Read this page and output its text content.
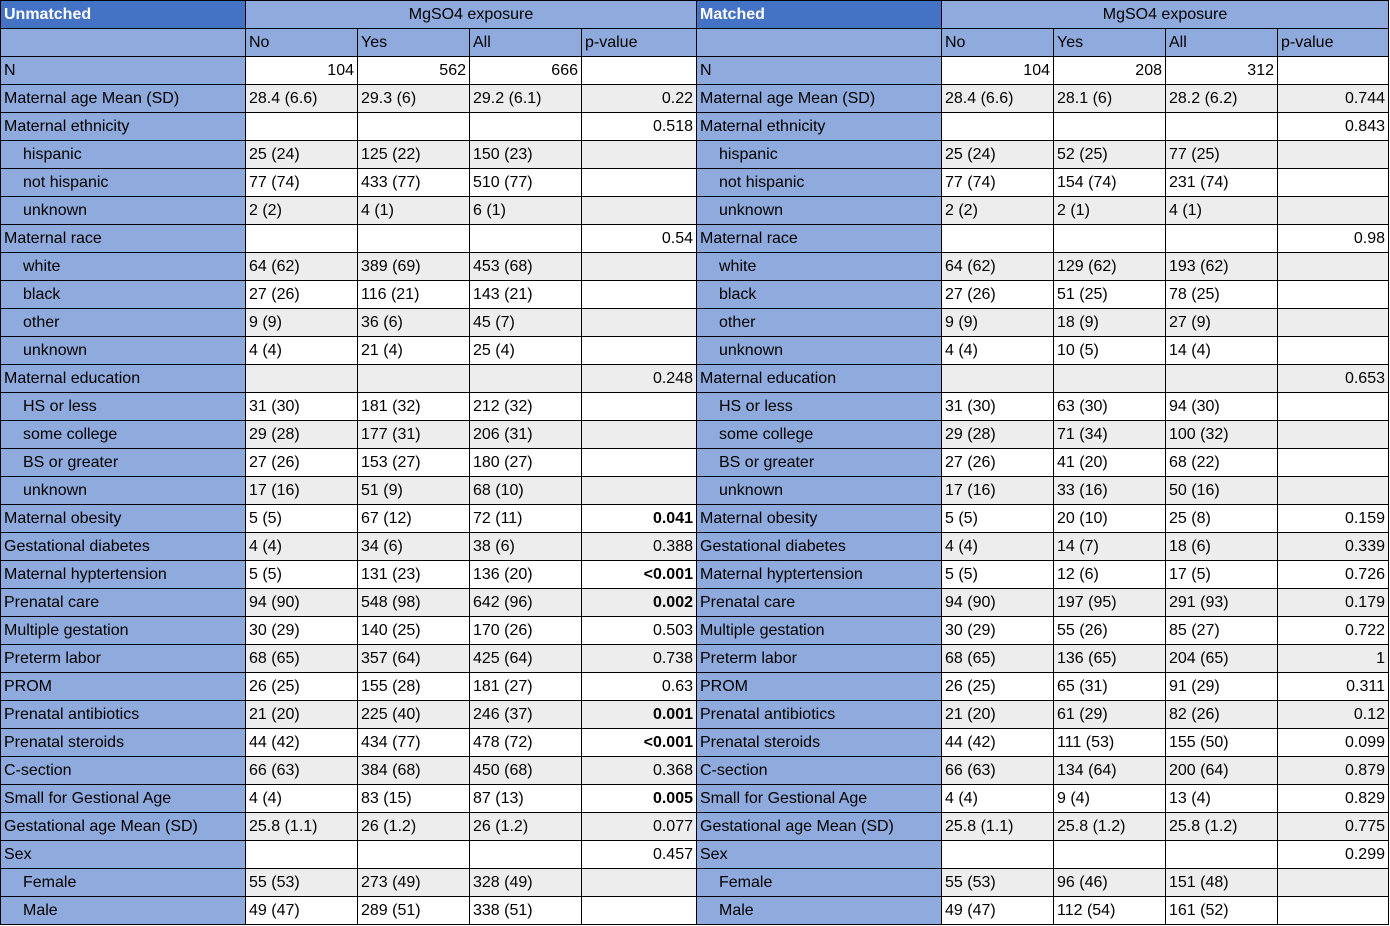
Unmatched	MgSO4 exposure			
	No	Yes	All	p-value
N	104	562	666	
Maternal age Mean (SD)	28.4 (6.6)	29.3 (6)	29.2 (6.1)	0.22
Maternal ethnicity				0.518
hispanic	25 (24)	125 (22)	150 (23)	
not hispanic	77 (74)	433 (77)	510 (77)	
unknown	2 (2)	4 (1)	6 (1)	
Maternal race				0.54
white	64 (62)	389 (69)	453 (68)	
black	27 (26)	116 (21)	143 (21)	
other	9 (9)	36 (6)	45 (7)	
unknown	4 (4)	21 (4)	25 (4)	
Maternal education				0.248
HS or less	31 (30)	181 (32)	212 (32)	
some college	29 (28)	177 (31)	206 (31)	
BS or greater	27 (26)	153 (27)	180 (27)	
unknown	17 (16)	51 (9)	68 (10)	
Maternal obesity	5 (5)	67 (12)	72 (11)	0.041
Gestational diabetes	4 (4)	34 (6)	38 (6)	0.388
Maternal hyptertension	5 (5)	131 (23)	136 (20)	<0.001
Prenatal care	94 (90)	548 (98)	642 (96)	0.002
Multiple gestation	30 (29)	140 (25)	170 (26)	0.503
Preterm labor	68 (65)	357 (64)	425 (64)	0.738
PROM	26 (25)	155 (28)	181 (27)	0.63
Prenatal antibiotics	21 (20)	225 (40)	246 (37)	0.001
Prenatal steroids	44 (42)	434 (77)	478 (72)	<0.001
C-section	66 (63)	384 (68)	450 (68)	0.368
Small for Gestional Age	4 (4)	83 (15)	87 (13)	0.005
Gestational age Mean (SD)	25.8 (1.1)	26 (1.2)	26 (1.2)	0.077
Sex				0.457
Female	55 (53)	273 (49)	328 (49)	
Male	49 (47)	289 (51)	338 (51)	
Matched	MgSO4 exposure			
	No	Yes	All	p-value
N	104	208	312	
Maternal age Mean (SD)	28.4 (6.6)	28.1 (6)	28.2 (6.2)	0.744
Maternal ethnicity				0.843
hispanic	25 (24)	52 (25)	77 (25)	
not hispanic	77 (74)	154 (74)	231 (74)	
unknown	2 (2)	2 (1)	4 (1)	
Maternal race				0.98
white	64 (62)	129 (62)	193 (62)	
black	27 (26)	51 (25)	78 (25)	
other	9 (9)	18 (9)	27 (9)	
unknown	4 (4)	10 (5)	14 (4)	
Maternal education				0.653
HS or less	31 (30)	63 (30)	94 (30)	
some college	29 (28)	71 (34)	100 (32)	
BS or greater	27 (26)	41 (20)	68 (22)	
unknown	17 (16)	33 (16)	50 (16)	
Maternal obesity	5 (5)	20 (10)	25 (8)	0.159
Gestational diabetes	4 (4)	14 (7)	18 (6)	0.339
Maternal hyptertension	5 (5)	12 (6)	17 (5)	0.726
Prenatal care	94 (90)	197 (95)	291 (93)	0.179
Multiple gestation	30 (29)	55 (26)	85 (27)	0.722
Preterm labor	68 (65)	136 (65)	204 (65)	1
PROM	26 (25)	65 (31)	91 (29)	0.311
Prenatal antibiotics	21 (20)	61 (29)	82 (26)	0.12
Prenatal steroids	44 (42)	111 (53)	155 (50)	0.099
C-section	66 (63)	134 (64)	200 (64)	0.879
Small for Gestional Age	4 (4)	9 (4)	13 (4)	0.829
Gestational age Mean (SD)	25.8 (1.1)	25.8 (1.2)	25.8 (1.2)	0.775
Sex				0.299
Female	55 (53)	96 (46)	151 (48)	
Male	49 (47)	112 (54)	161 (52)	
